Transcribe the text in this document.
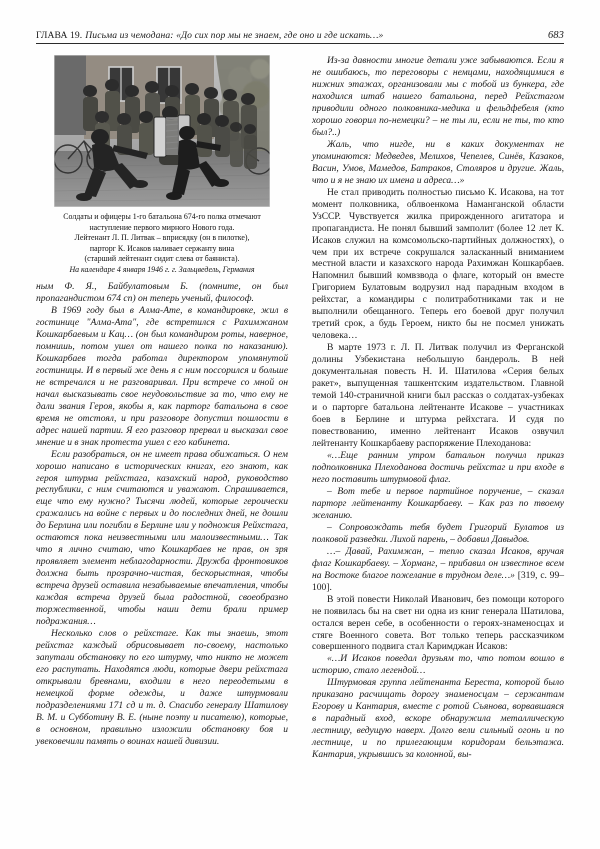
ГЛАВА 19. Письма из чемодана: «До сих пор мы не знаем, где оно и где искать…»	683
Солдаты и офицеры 1-го батальона 674-го полка отмечают
наступление первого мирного Нового года.
Лейтенант Л. П. Литвак – вприсядку (он в пилотке),
парторг К. Исаков наливает сержанту вина
(старший лейтенант сидит слева от баяниста).
На календаре 4 января 1946 г. г. Зальцведель, Германия

ным Ф. Я., Байбулатовым Б. (помните, он был пропагандистом 674 сп) он теперь ученый, философ.

В 1969 году был в Алма-Ате, в командировке, жил в гостинице "Алма-Ата", где встретился с Рахимжаном Кошкарбаевым и Кац… (он был командиром роты, наверное, помнишь, потом ушел от нашего полка по наказанию). Кошкарбаев тогда работал директором упомянутой гостиницы. И в первый же день я с ним поссорился и больше не встречался и не разговаривал. При встрече со мной он начал высказывать свое неудовольствие за то, что ему не дали звания Героя, якобы я, как парторг батальона в свое время не отстоял, и при разговоре допустил пошлости в адрес нашей партии. Я его разговор прервал и высказал свое мнение и в знак протеста ушел с его кабинета.

Если разобраться, он не имеет права обижаться. О нем хорошо написано в исторических книгах, его знают, как героя штурма рейхстага, казахский народ, руководство республики, с ним считаются и уважают. Спрашивается, еще что ему нужно? Тысячи людей, которые героически сражались на войне с первых и до последних дней, не дошли до Берлина или погибли в Берлине или у подножия Рейхстага, остаются пока неизвестными или малоизвестными… Так что я лично считаю, что Кошкарбаев не прав, он зря проявляет элемент неблагодарности. Дружба фронтовиков должна быть прозрачно-чистая, бескорыстная, чтобы встреча друзей оставила незабываемые впечатления, чтобы каждая встреча друзей была радостной, своеобразно торжественной, чтобы наши дети брали пример подражания…

Несколько слов о рейхстаге. Как ты знаешь, этот рейхстаг каждый обрисовывает по-своему, настолько запутали обстановку по его штурму, что никто не может его распутать. Находятся люди, которые двери рейхстага открывали бревнами, входили в него переодетыми в немецкой форме одежды, и даже штурмовали подразделениями 171 сд и т. д. Спасибо генералу Шатилову В. М. и Субботину В. Е. (ныне поэту и писателю), которые, в основном, правильно изложили обстановку боя и увековечили память о воинах нашей дивизии.

Из-за давности многие детали уже забываются. Если я не ошибаюсь, то переговоры с немцами, находящимися в нижних этажах, организовали мы с тобой из бункера, где находился штаб нашего батальона, перед Рейхстагом приводили одного полковника-медика и фельдфебеля (кто хорошо говорил по-немецки? – не ты ли, если не ты, то кто был?..)

Жаль, что нигде, ни в каких документах не упоминаются: Медведев, Мелихов, Чепелев, Синёв, Казаков, Васин, Умов, Мамедов, Батраков, Столяров и другие. Жаль, что и я не знаю их имена и адреса…»

Не стал приводить полностью письмо К. Исакова, на тот момент полковника, облвоенкома Наманганской области УзССР. Чувствуется жилка прирожденного агитатора и пропагандиста. Не понял бывший замполит (более 12 лет К. Исаков служил на комсомольско-партийных должностях), о чем при их встрече сокрушался заласканный вниманием местной власти и казахского народа Рахимжан Кошкарбаев. Напомнил бывший комвзвода о флаге, который он вместе Григорием Булатовым водрузил над парадным входом в рейхстаг, а командиры с политработниками так и не выполнили обещанного. Теперь его боевой друг получил третий срок, а будь Героем, никто бы не посмел унижать человека…

В марте 1973 г. Л. П. Литвак получил из Ферганской долины Узбекистана небольшую бандероль. В ней документальная повесть Н. И. Шатилова «Серия белых ракет», выпущенная ташкентским издательством. Главной темой 140-страничной книги был рассказ о солдатах-узбеках и о парторге батальона лейтенанте Исакове – участниках боев в Берлине и штурма рейхстага. И судя по повествованию, именно лейтенант Исаков озвучил лейтенанту Кошкарбаеву распоряжение Плеходанова:

«…Еще ранним утром батальон получил приказ подполковника Плеходанова достичь рейхстаг и при входе в него поставить штурмовой флаг.

– Вот тебе и первое партийное поручение, – сказал парторг лейтенанту Кошкарбаеву. – Как раз по твоему желанию.

– Сопровождать тебя будет Григорий Булатов из полковой разведки. Лихой парень, – добавил Давыдов.

…– Давай, Рахимжан, – тепло сказал Исаков, вручая флаг Кошкарбаеву. – Хорманг, – прибавил он известное всем на Востоке благое пожелание в трудном деле…» [319, с. 99–100].

В этой повести Николай Иванович, без помощи которого не появилась бы на свет ни одна из книг генерала Шатилова, остался верен себе, в особенности о героях-знаменосцах и стяге Военного совета. Вот только теперь рассказчиком совершенного подвига стал Каримджан Исаков:

«…И Исаков поведал друзьям то, что потом вошло в историю, стало легендой…

Штурмовая группа лейтенанта Береста, которой было приказано расчищать дорогу знаменосцам – сержантам Егорову и Кантария, вместе с ротой Съянова, ворвавшаяся в парадный вход, вскоре обнаружила металлическую лестницу, ведущую наверх. Долго вели сильный огонь и по лестнице, и по прилегающим коридорам бельэтажа. Кантария, укрывшись за колонной, вы-
